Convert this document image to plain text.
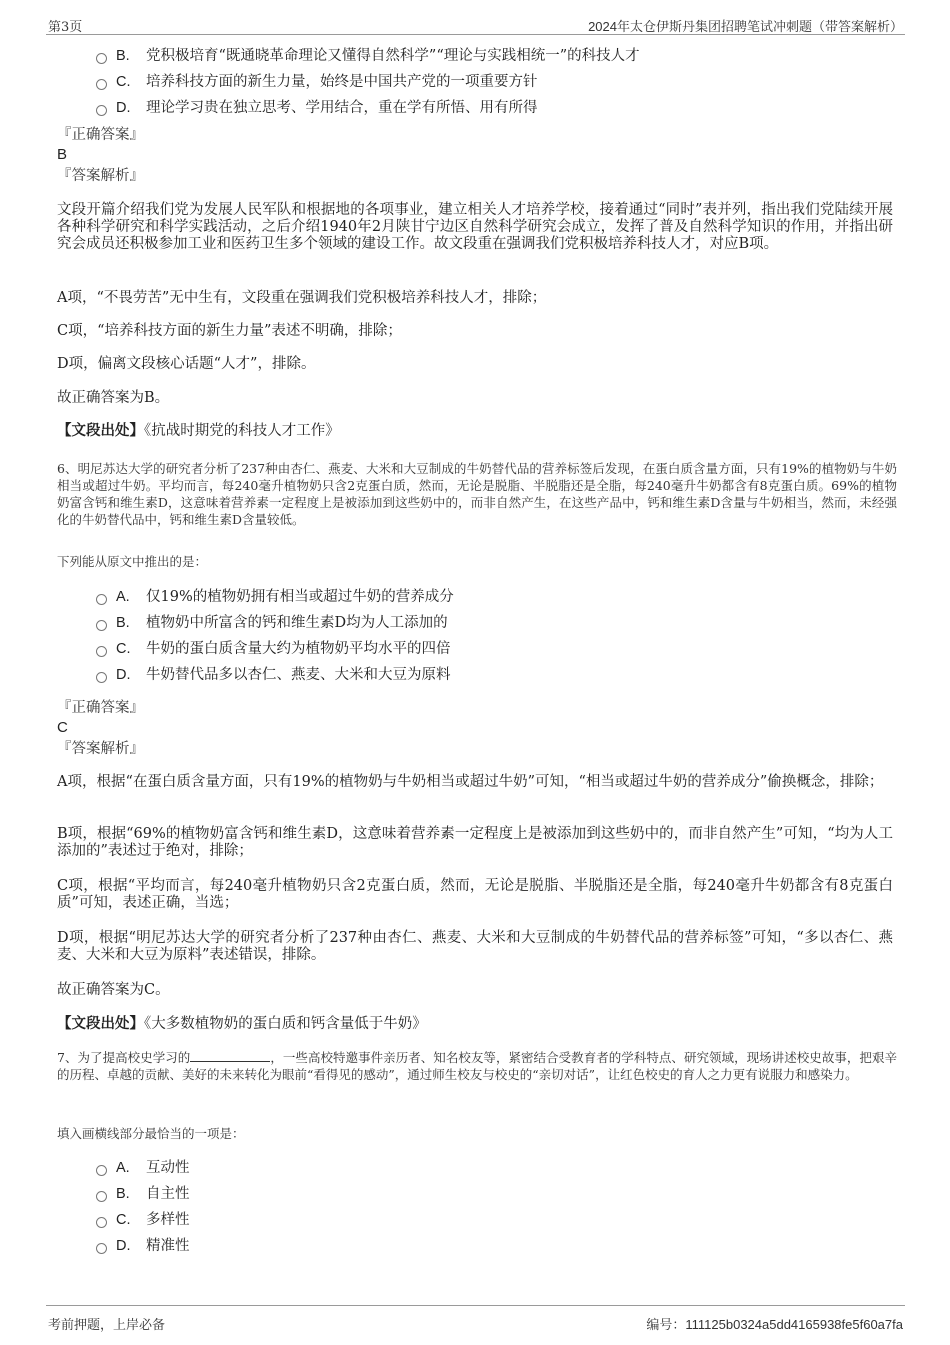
第3页	2024年太仓伊斯丹集团招聘笔试冲刺题（带答案解析）
B. 党积极培育“既通晓革命理论又懂得自然科学”“理论与实践相统一”的科技人才
C. 培养科技方面的新生力量，始终是中国共产党的一项重要方针
D. 理论学习贵在独立思考、学用结合，重在学有所悟、用有所得
『正确答案』
B
『答案解析』
文段开篇介绍我们党为发展人民军队和根据地的各项事业，建立相关人才培养学校，接着通过“同时”表并列，指出我们党陆续开展各种科学研究和科学实践活动，之后介绍1940年2月陕甘宁边区自然科学研究会成立，发挥了普及自然科学知识的作用，并指出研究会成员还积极参加工业和医药卫生多个领域的建设工作。故文段重在强调我们党积极培养科技人才，对应B项。
A项，“不畏劳苦”无中生有，文段重在强调我们党积极培养科技人才，排除；
C项，“培养科技方面的新生力量”表述不明确，排除；
D项，偏离文段核心话题“人才”，排除。
故正确答案为B。
【文段出处】《抗战时期党的科技人才工作》
6、明尼苏达大学的研究者分析了237种由杏仁、燕麦、大米和大豆制成的牛奶替代品的营养标签后发现，在蛋白质含量方面，只有19%的植物奶与牛奶相当或超过牛奶。平均而言，每240毫升植物奶只含2克蛋白质，然而，无论是脱脂、半脱脂还是全脂，每240毫升牛奶都含有8克蛋白质。69%的植物奶富含钙和维生素D，这意味着营养素一定程度上是被添加到这些奶中的，而非自然产生，在这些产品中，钙和维生素D含量与牛奶相当，然而，未经强化的牛奶替代品中，钙和维生素D含量较低。
下列能从原文中推出的是：
A. 仅19%的植物奶拥有相当或超过牛奶的营养成分
B. 植物奶中所富含的钙和维生素D均为人工添加的
C. 牛奶的蛋白质含量大约为植物奶平均水平的四倍
D. 牛奶替代品多以杏仁、燕麦、大米和大豆为原料
『正确答案』
C
『答案解析』
A项，根据“在蛋白质含量方面，只有19%的植物奶与牛奶相当或超过牛奶”可知，“相当或超过牛奶的营养成分”偷换概念，排除；
B项，根据“69%的植物奶富含钙和维生素D，这意味着营养素一定程度上是被添加到这些奶中的，而非自然产生”可知，“均为人工添加的”表述过于绝对，排除；
C项，根据“平均而言，每240毫升植物奶只含2克蛋白质，然而，无论是脱脂、半脱脂还是全脂，每240毫升牛奶都含有8克蛋白质”可知，表述正确，当选；
D项，根据“明尼苏达大学的研究者分析了237种由杏仁、燕麦、大米和大豆制成的牛奶替代品的营养标签”可知，“多以杏仁、燕麦、大米和大豆为原料”表述错误，排除。
故正确答案为C。
【文段出处】《大多数植物奶的蛋白质和钙含量低于牛奶》
7、为了提高校史学习的	，一些高校特邀事件亲历者、知名校友等，紧密结合受教育者的学科特点、研究领域，现场讲述校史故事，把艰辛的历程、卓越的贡献、美好的未来转化为眼前“看得见的感动”，通过师生校友与校史的“亲切对话”，让红色校史的育人之力更有说服力和感染力。
填入画横线部分最恰当的一项是：
A. 互动性
B. 自主性
C. 多样性
D. 精准性
考前押题，上岸必备	编号：111125b0324a5dd4165938fe5f60a7fa
